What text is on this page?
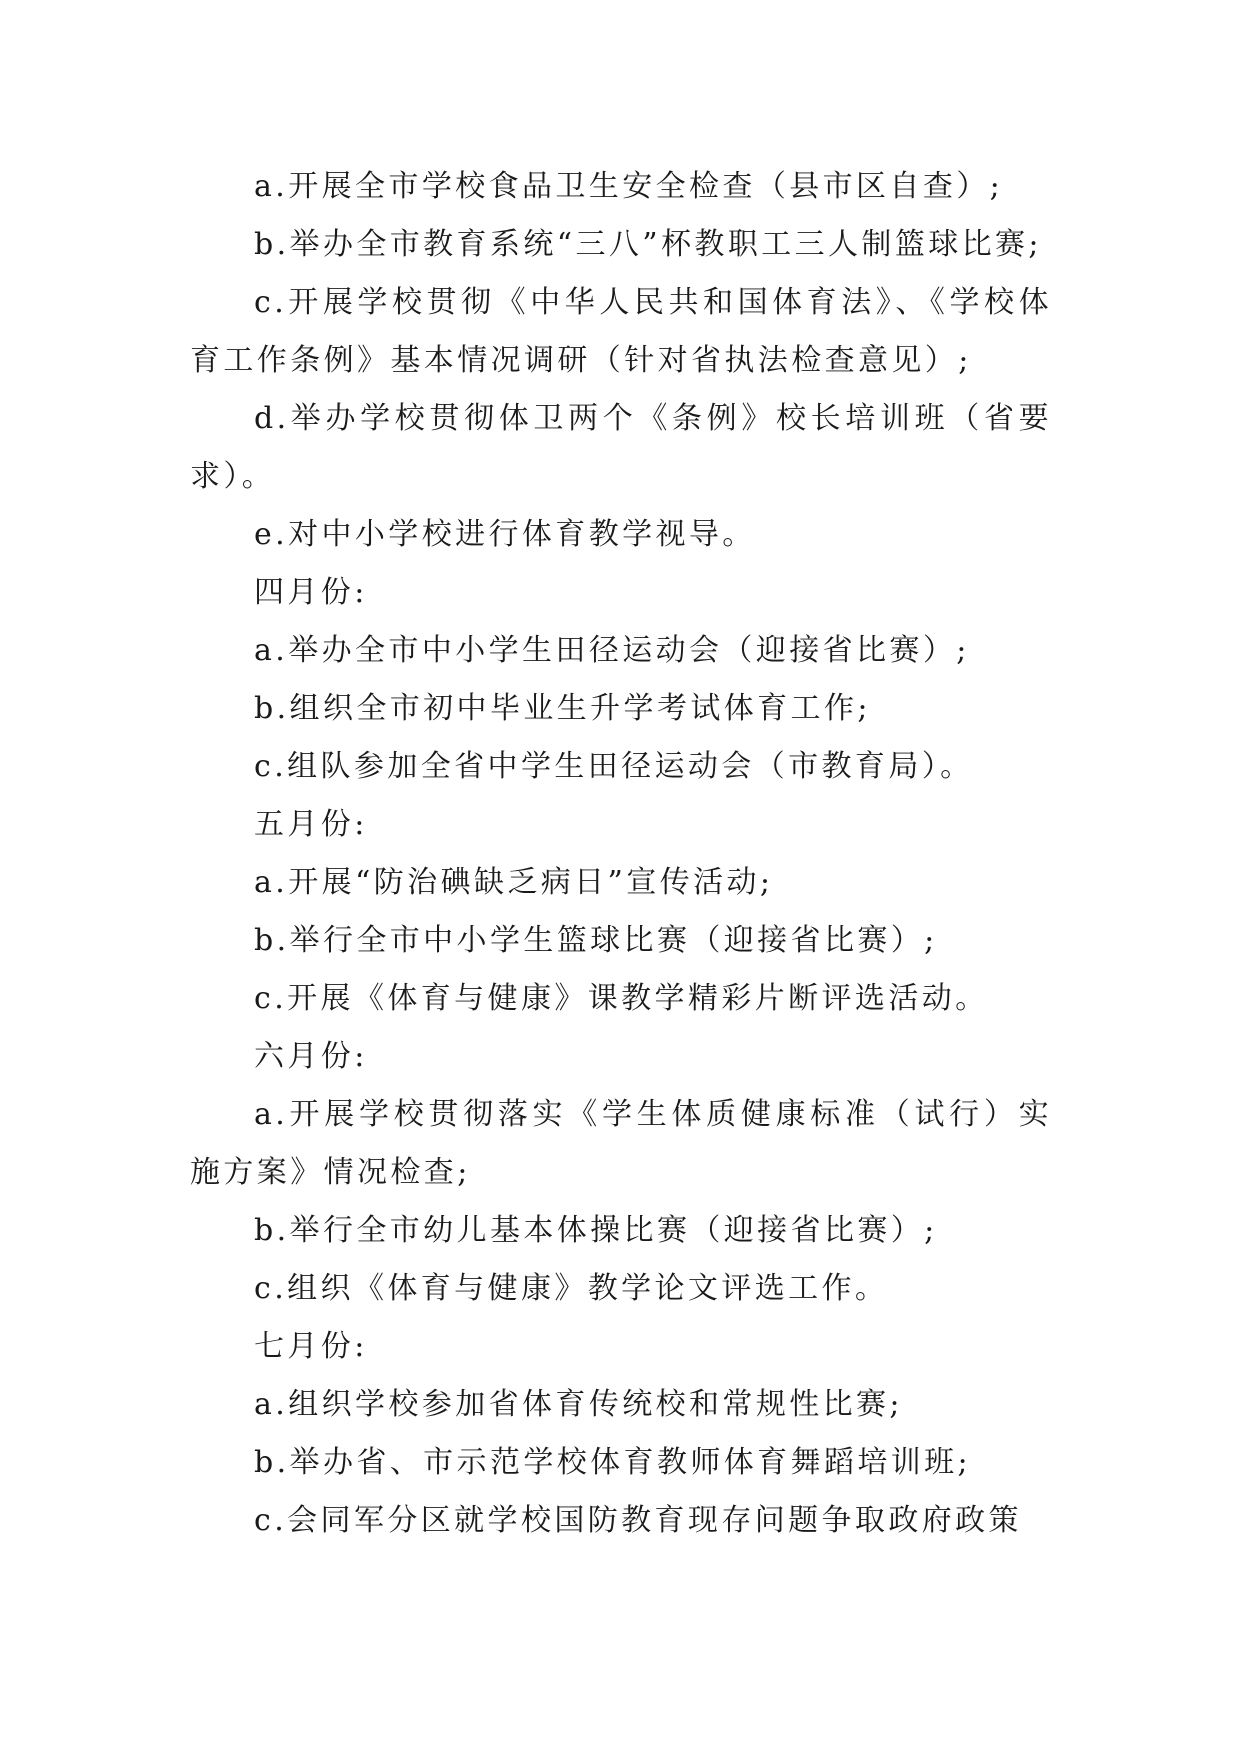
a.开展全市学校食品卫生安全检查（县市区自查）;

b.举办全市教育系统“三八”杯教职工三人制篮球比赛;

c.开展学校贯彻《中华人民共和国体育法》、《学校体育工作条例》基本情况调研（针对省执法检查意见）;

d.举办学校贯彻体卫两个《条例》校长培训班（省要求）。

e.对中小学校进行体育教学视导。

四月份:

a.举办全市中小学生田径运动会（迎接省比赛）;

b.组织全市初中毕业生升学考试体育工作;

c.组队参加全省中学生田径运动会（市教育局）。

五月份:

a.开展“防治碘缺乏病日”宣传活动;

b.举行全市中小学生篮球比赛（迎接省比赛）;

c.开展《体育与健康》课教学精彩片断评选活动。

六月份:

a.开展学校贯彻落实《学生体质健康标准（试行）实施方案》情况检查;

b.举行全市幼儿基本体操比赛（迎接省比赛）;

c.组织《体育与健康》教学论文评选工作。

七月份:

a.组织学校参加省体育传统校和常规性比赛;

b.举办省、市示范学校体育教师体育舞蹈培训班;

c.会同军分区就学校国防教育现存问题争取政府政策
